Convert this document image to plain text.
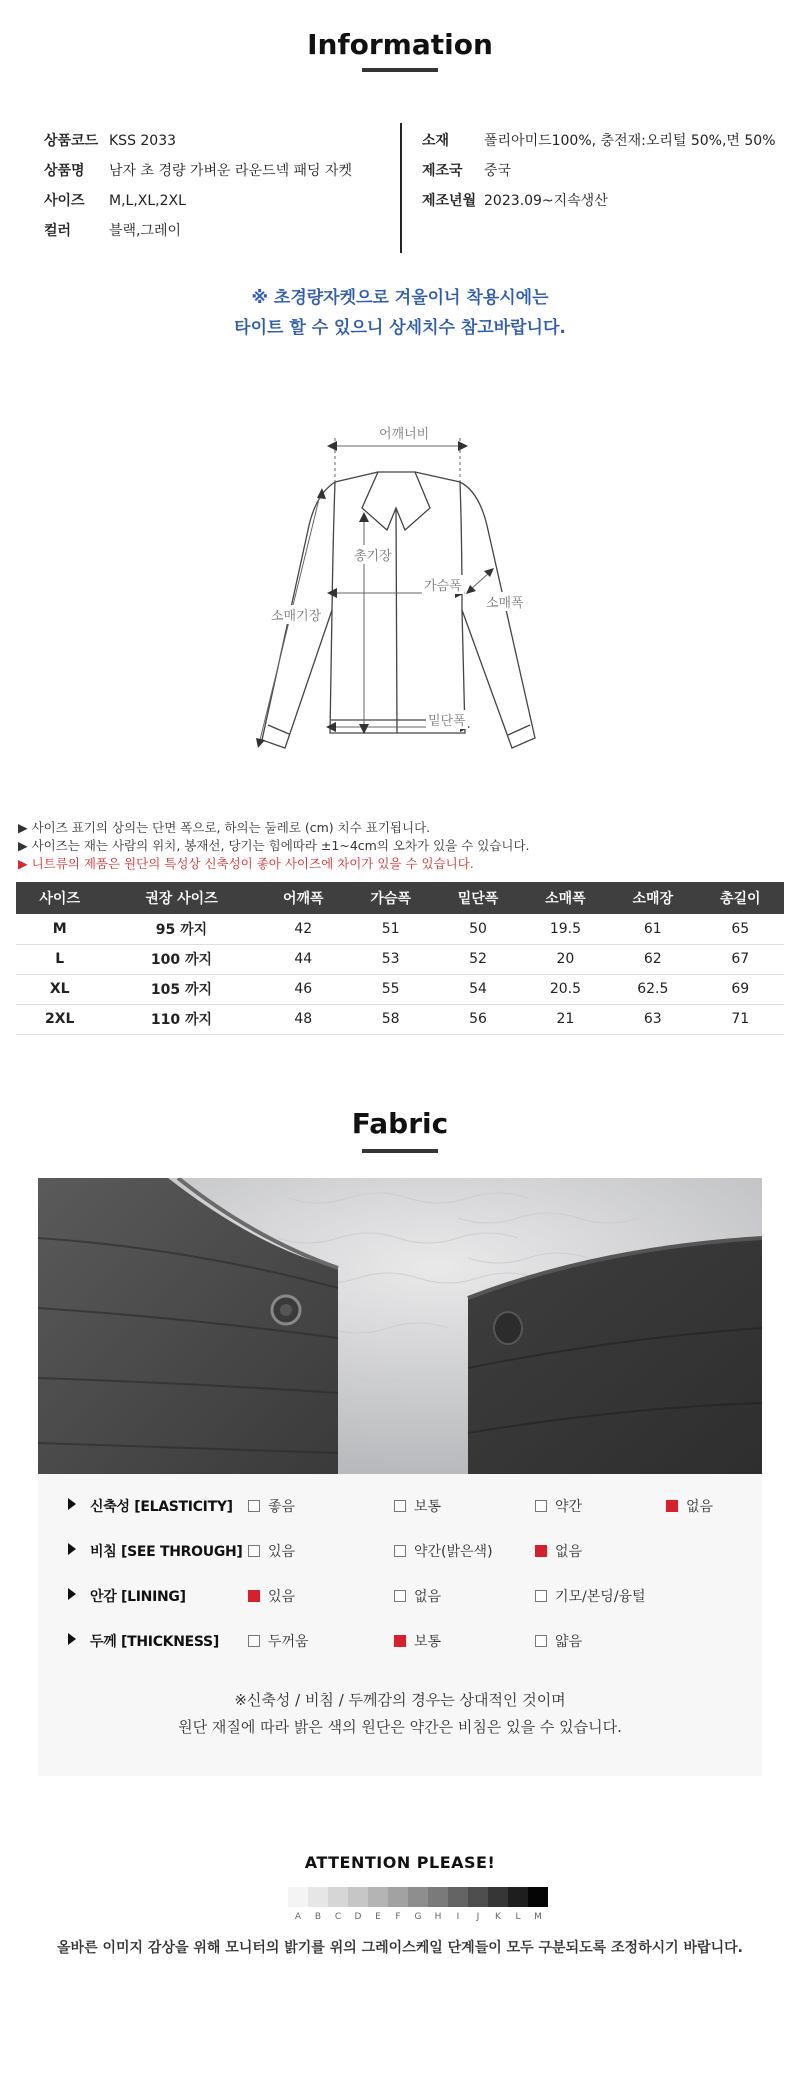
Information
상품코드 KSS 2033
상품명 남자 초 경량 가벼운 라운드넥 패딩 자켓
사이즈 M,L,XL,2XL
컬러	블랙,그레이
소재 폴리아미드100%, 충전재:오리털 50%,면 50%
제조국 중국
제조년월 2023.09~지속생산
※ 초경량자켓으로 겨울이너 착용시에는
타이트 할 수 있으니 상세치수 참고바랍니다.
어깨너비
총기장
가슴폭
소매폭
소매기장
밑단폭
▶ 사이즈 표기의 상의는 단면 폭으로, 하의는 둘레로 (cm) 치수 표기됩니다.
▶ 사이즈는 재는 사람의 위치, 봉재선, 당기는 힘에따라 ±1~4cm의 오차가 있을 수 있습니다.
▶ 니트류의 제품은 원단의 특성상 신축성이 좋아 사이즈에 차이가 있을 수 있습니다.
사이즈	권장 사이즈	어깨폭	가슴폭	밑단폭	소매폭	소매장	총길이
M	95 까지	42	51	50	19.5	61	65
L	100 까지	44	53	52	20	62	67
XL	105 까지	46	55	54	20.5	62.5	69
2XL	110 까지	48	58	56	21	63	71
Fabric
신축성 [ELASTICITY]	좋음	보통	약간	없음
비침 [SEE THROUGH]	있음	약간(밝은색)	없음
안감 [LINING]	있음	없음	기모/본딩/융털
두께 [THICKNESS]	두꺼움	보통	얇음
※신축성 / 비침 / 두께감의 경우는 상대적인 것이며
원단 재질에 따라 밝은 색의 원단은 약간은 비침은 있을 수 있습니다.
ATTENTION PLEASE!
A	B	C	D	E	F	G	H	I	J	K	L	M
올바른 이미지 감상을 위해 모니터의 밝기를 위의 그레이스케일 단계들이 모두 구분되도록 조정하시기 바랍니다.
